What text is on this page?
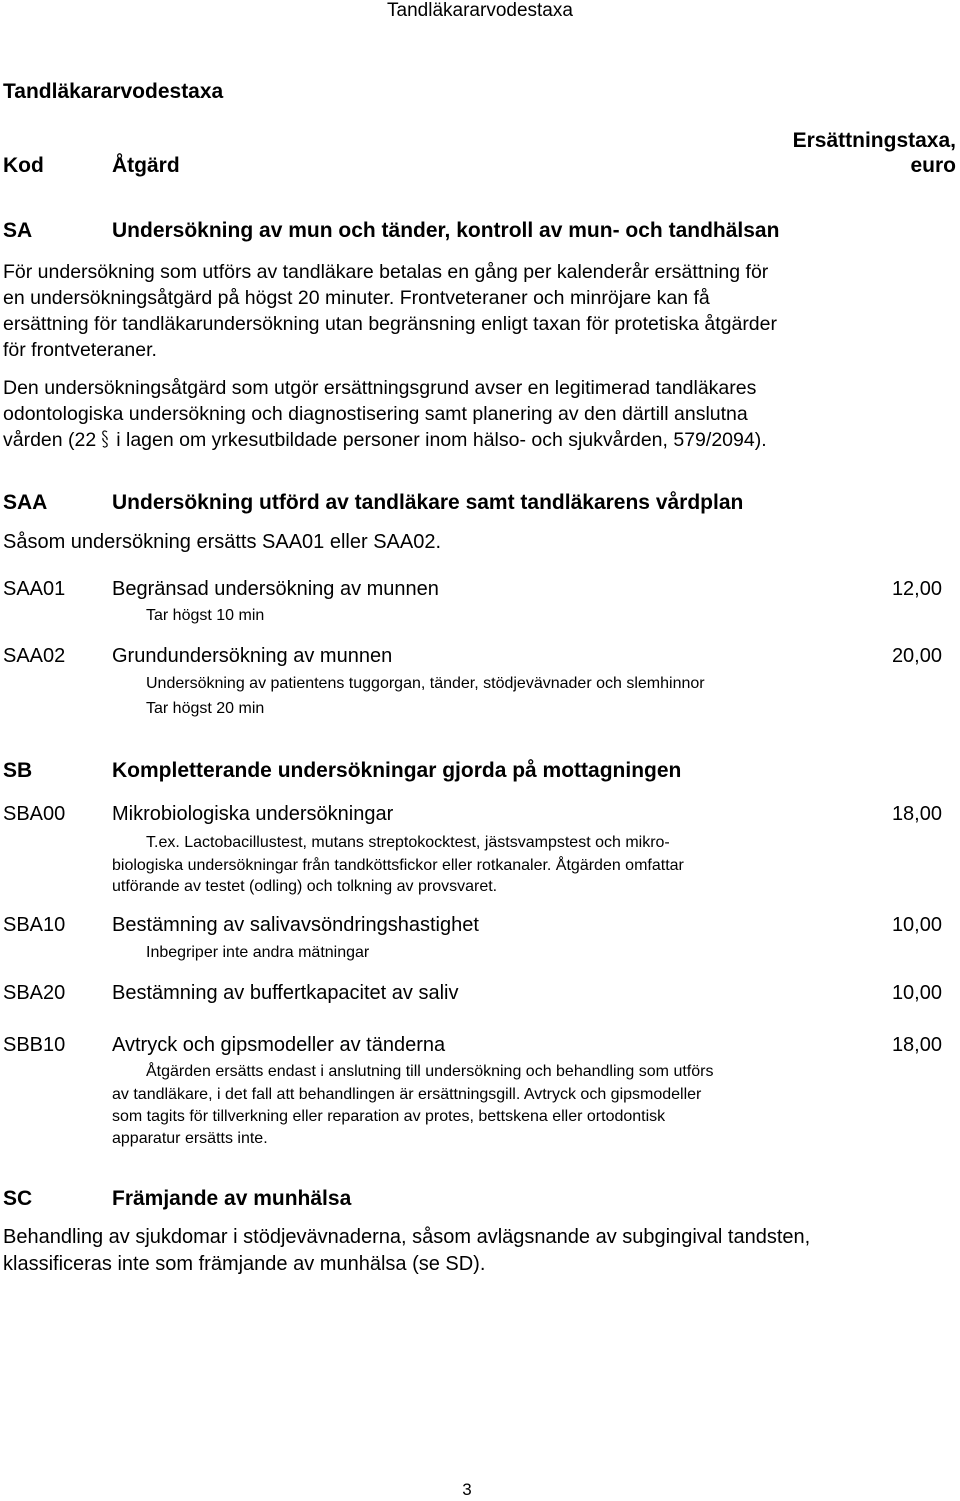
Tandläkararvodestaxa
Tandläkararvodestaxa
Kod	Åtgärd
Ersättningstaxa,
euro
SA	Undersökning av mun och tänder, kontroll av mun- och tandhälsan
För undersökning som utförs av tandläkare betalas en gång per kalenderår ersättning för
en undersökningsåtgärd på högst 20 minuter. Frontveteraner och minröjare kan få
ersättning för tandläkarundersökning utan begränsning enligt taxan för protetiska åtgärder
för frontveteraner.
Den undersökningsåtgärd som utgör ersättningsgrund avser en legitimerad tandläkares
odontologiska undersökning och diagnostisering samt planering av den därtill anslutna
vården (22 i lagen om yrkesutbildade personer inom hälso- och sjukvården, 579/2094).
SAA	Undersökning utförd av tandläkare samt tandläkarens vårdplan
Såsom undersökning ersätts SAA01 eller SAA02.
SAA01 Begränsad undersökning av munnen	12,00
Tar högst 10 min
SAA02 Grundundersökning av munnen	20,00
Undersökning av patientens tuggorgan, tänder, stödjevävnader och slemhinnor
Tar högst 20 min
SB	Kompletterande undersökningar gjorda på mottagningen
SBA00 Mikrobiologiska undersökningar	18,00
T.ex. Lactobacillustest, mutans streptokocktest, jästsvampstest och mikro-
biologiska undersökningar från tandköttsfickor eller rotkanaler. Åtgärden omfattar
utförande av testet (odling) och tolkning av provsvaret.
SBA10 Bestämning av salivavsöndringshastighet	10,00
Inbegriper inte andra mätningar
SBA20 Bestämning av buffertkapacitet av saliv	10,00
SBB10 Avtryck och gipsmodeller av tänderna	18,00
Åtgärden ersätts endast i anslutning till undersökning och behandling som utförs
av tandläkare, i det fall att behandlingen är ersättningsgill. Avtryck och gipsmodeller
som tagits för tillverkning eller reparation av protes, bettskena eller ortodontisk
apparatur ersätts inte.
SC	Främjande av munhälsa
Behandling av sjukdomar i stödjevävnaderna, såsom avlägsnande av subgingival tandsten,
klassificeras inte som främjande av munhälsa (se SD).
3
